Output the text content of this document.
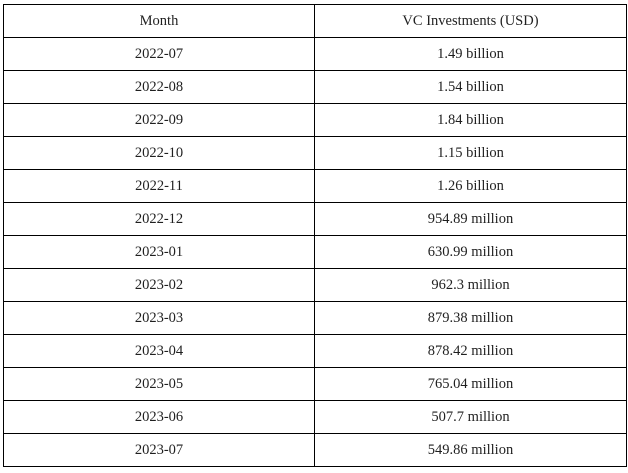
Month	VC Investments (USD)
2022-07	1.49 billion
2022-08	1.54 billion
2022-09	1.84 billion
2022-10	1.15 billion
2022-11	1.26 billion
2022-12	954.89 million
2023-01	630.99 million
2023-02	962.3 million
2023-03	879.38 million
2023-04	878.42 million
2023-05	765.04 million
2023-06	507.7 million
2023-07	549.86 million
